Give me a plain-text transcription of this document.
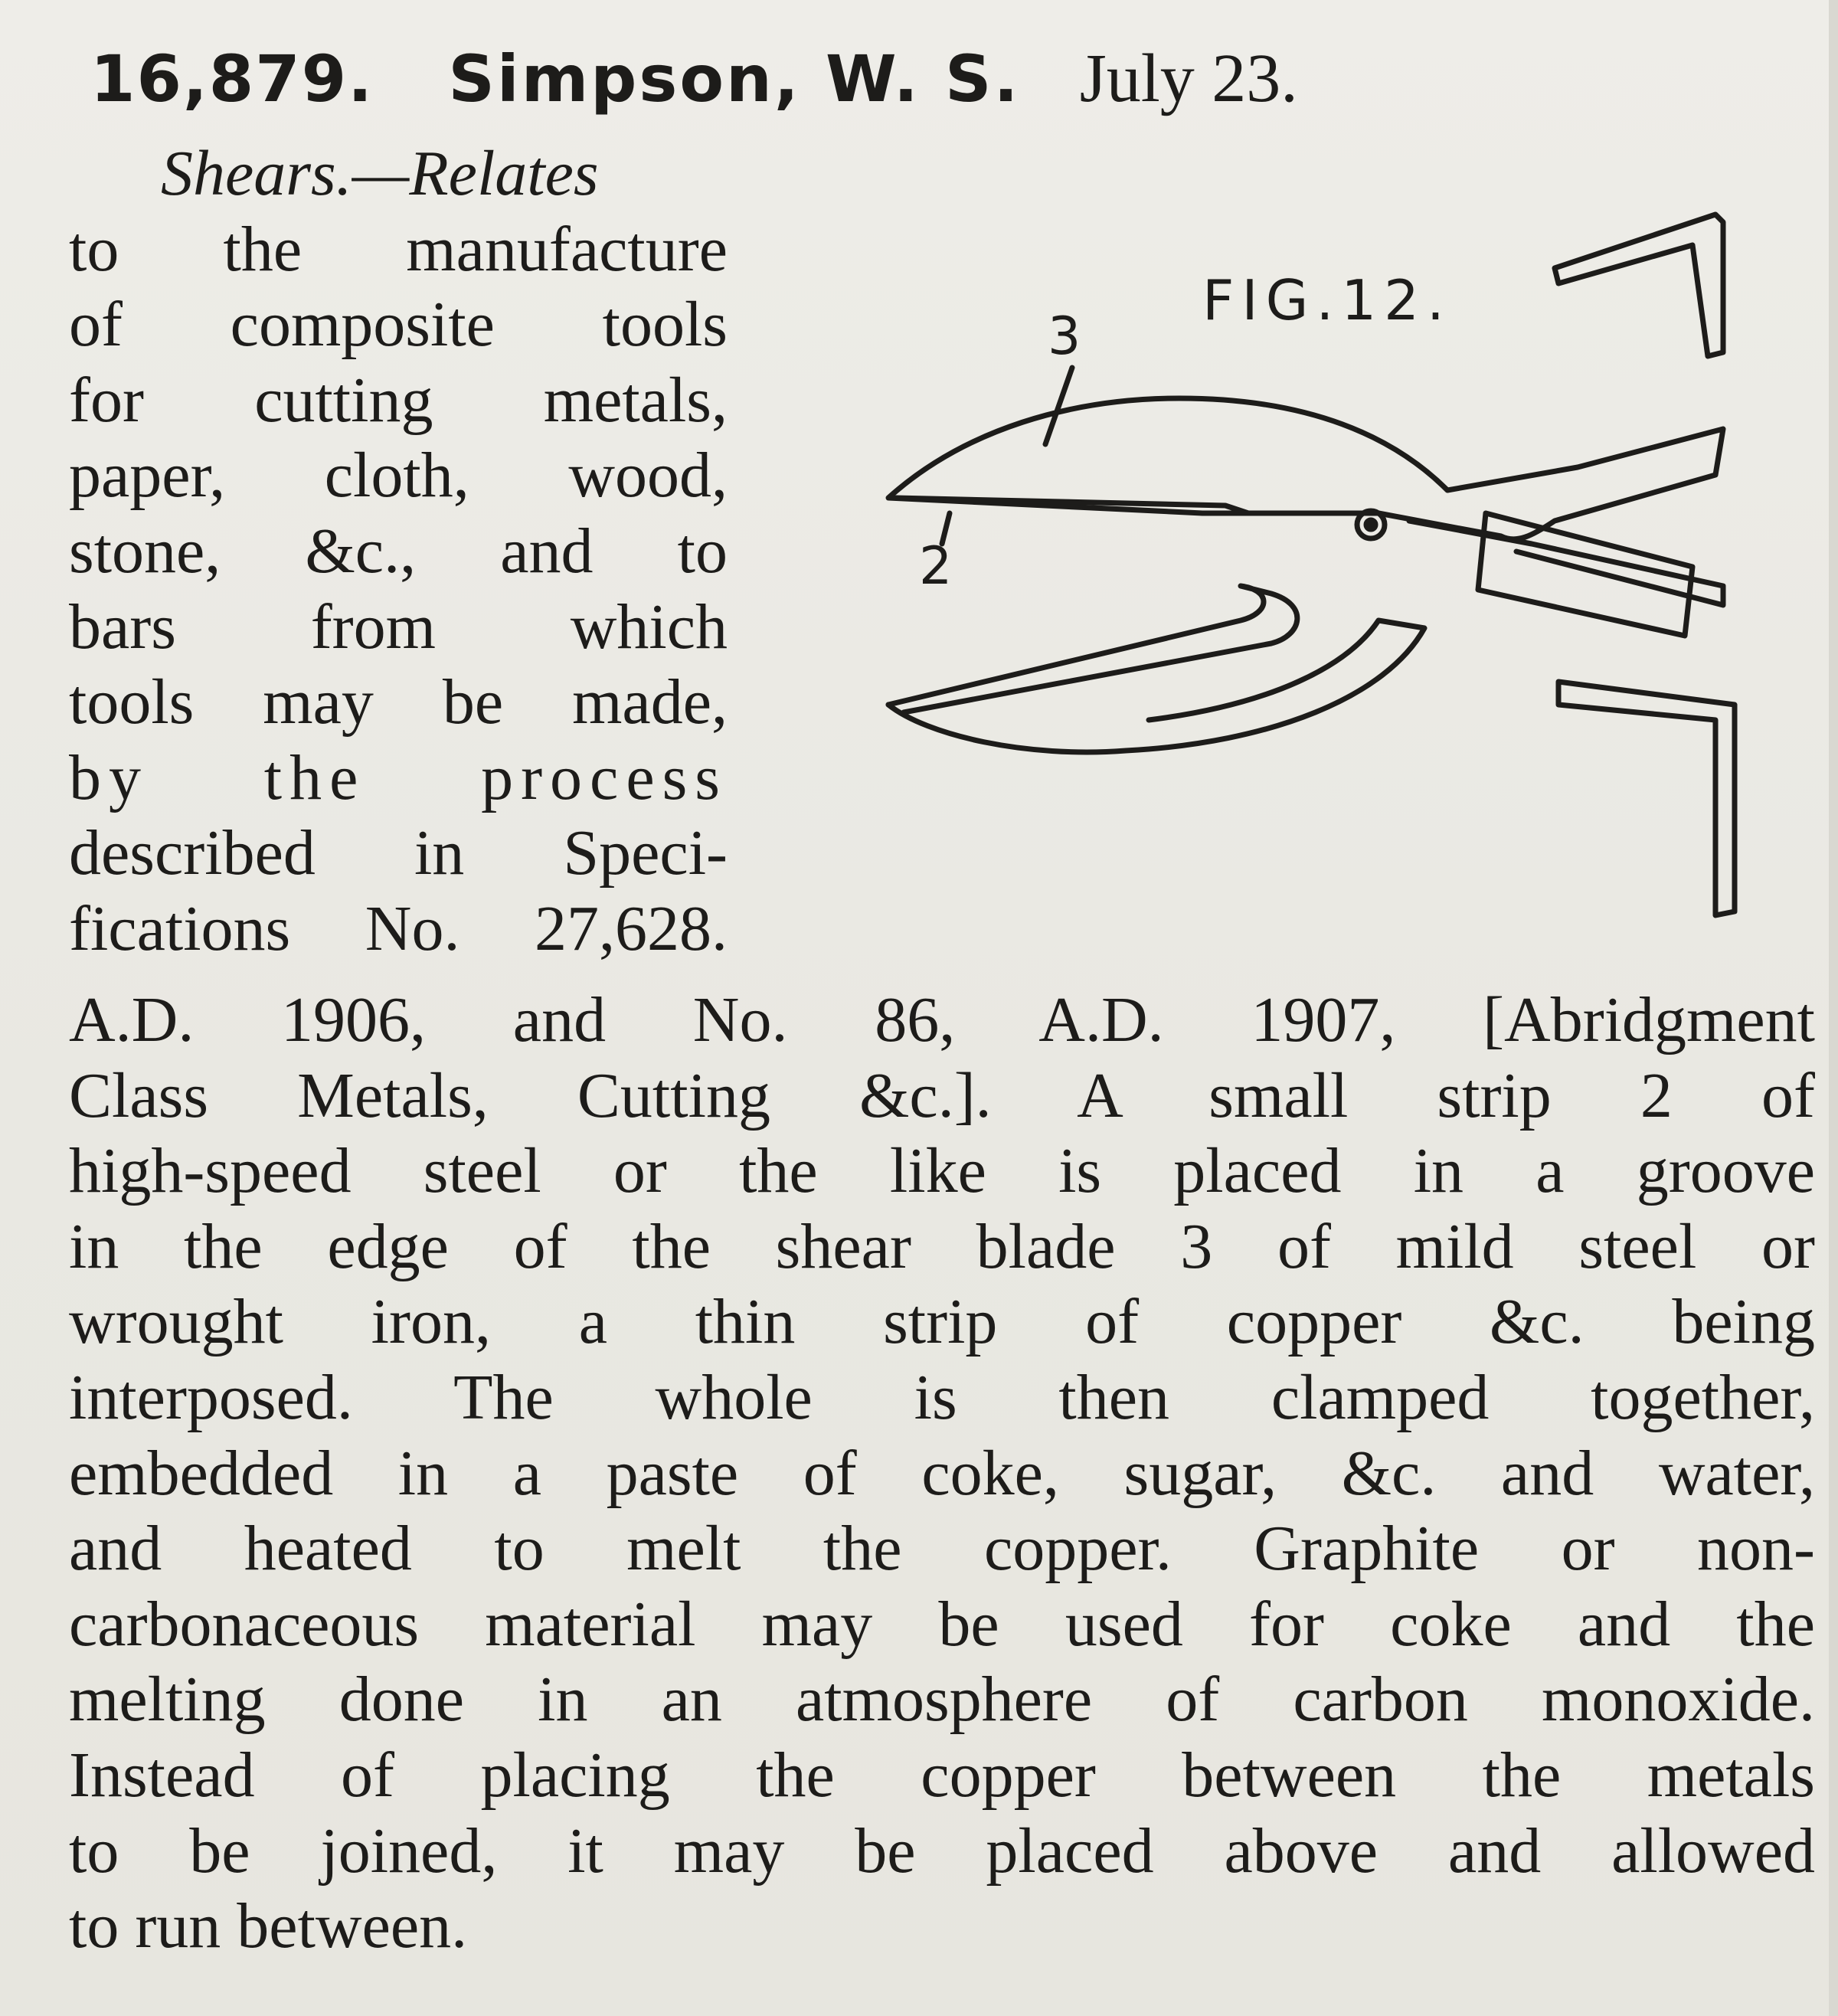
16,879. Simpson, W. S. July 23.
Shears.—Relates
to the manufacture
of composite tools
for cutting metals,
paper, cloth, wood,
stone, &c., and to
bars from which
tools may be made,
by the process
described in Speci-
fications No. 27,628.
FIG.12.
3
2
A.D. 1906, and No. 86, A.D. 1907, [Abridgment
Class Metals, Cutting &c.]. A small strip 2 of
high-speed steel or the like is placed in a groove
in the edge of the shear blade 3 of mild steel or
wrought iron, a thin strip of copper &c. being
interposed. The whole is then clamped together,
embedded in a paste of coke, sugar, &c. and water,
and heated to melt the copper. Graphite or non-
carbonaceous material may be used for coke and the
melting done in an atmosphere of carbon monoxide.
Instead of placing the copper between the metals
to be joined, it may be placed above and allowed
to run between.
